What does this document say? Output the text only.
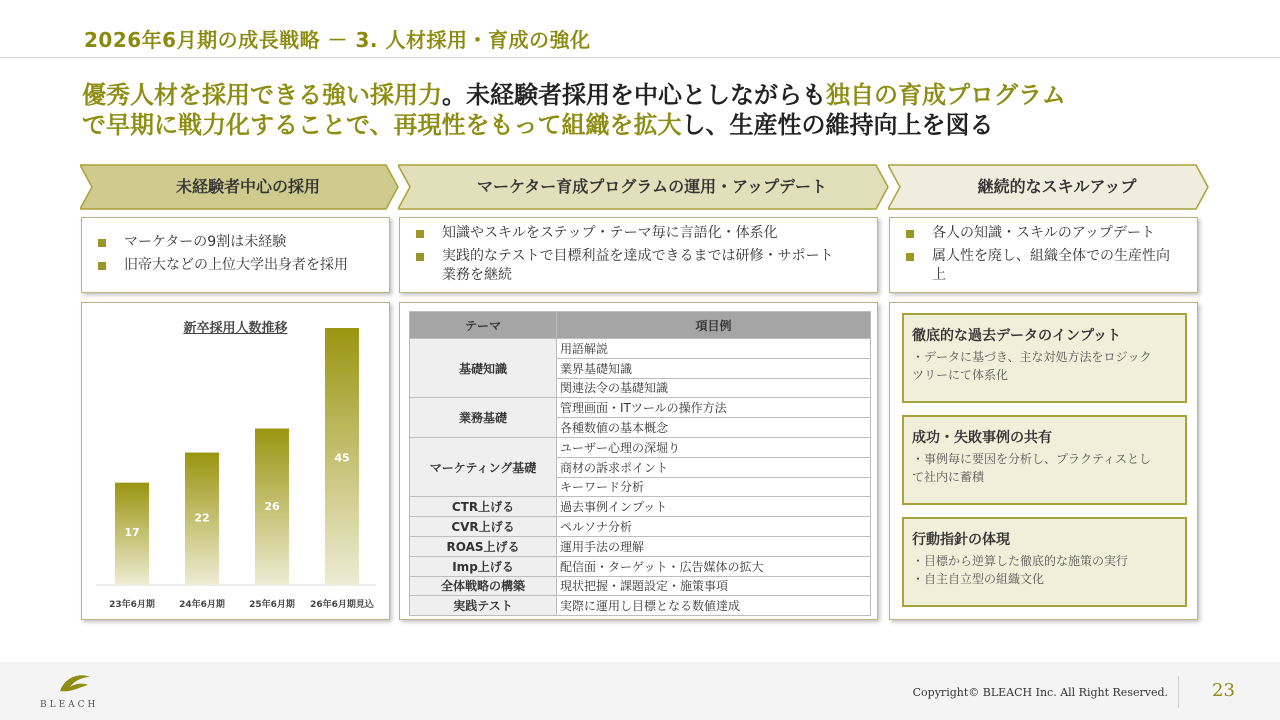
2026年6月期の成長戦略 － 3. 人材採用・育成の強化
優秀人材を採用できる強い採用力。未経験者採用を中心としながらも独自の育成プログラム
で早期に戦力化することで、再現性をもって組織を拡大し、生産性の維持向上を図る
未経験者中心の採用	マーケター育成プログラムの運用・アップデート	継続的なスキルアップ
マーケターの9割は未経験
旧帝大などの上位大学出身者を採用
知識やスキルをステップ・テーマ毎に言語化・体系化
実践的なテストで目標利益を達成できるまでは研修・サポート業務を継続
各人の知識・スキルのアップデート
属人性を廃し、組織全体での生産性向上
新卒採用人数推移
17
23年6月期
22
24年6月期
26
25年6月期
45
26年6月期見込
テーマ	項目例
基礎知識	用語解説
	業界基礎知識
	関連法令の基礎知識
業務基礎	管理画面・ITツールの操作方法
	各種数値の基本概念
マーケティング基礎	ユーザー心理の深堀り
	商材の訴求ポイント
	キーワード分析
CTR上げる	過去事例インプット
CVR上げる	ペルソナ分析
ROAS上げる	運用手法の理解
Imp上げる	配信面・ターゲット・広告媒体の拡大
全体戦略の構築	現状把握・課題設定・施策事項
実践テスト	実際に運用し目標となる数値達成
徹底的な過去データのインプット
・データに基づき、主な対処方法をロジック
ツリーにて体系化
成功・失敗事例の共有
・事例毎に要因を分析し、プラクティスとし
て社内に蓄積
行動指針の体現
・目標から逆算した徹底的な施策の実行
・自主自立型の組織文化
Copyright© BLEACH Inc. All Right Reserved. 23
BLEACH
